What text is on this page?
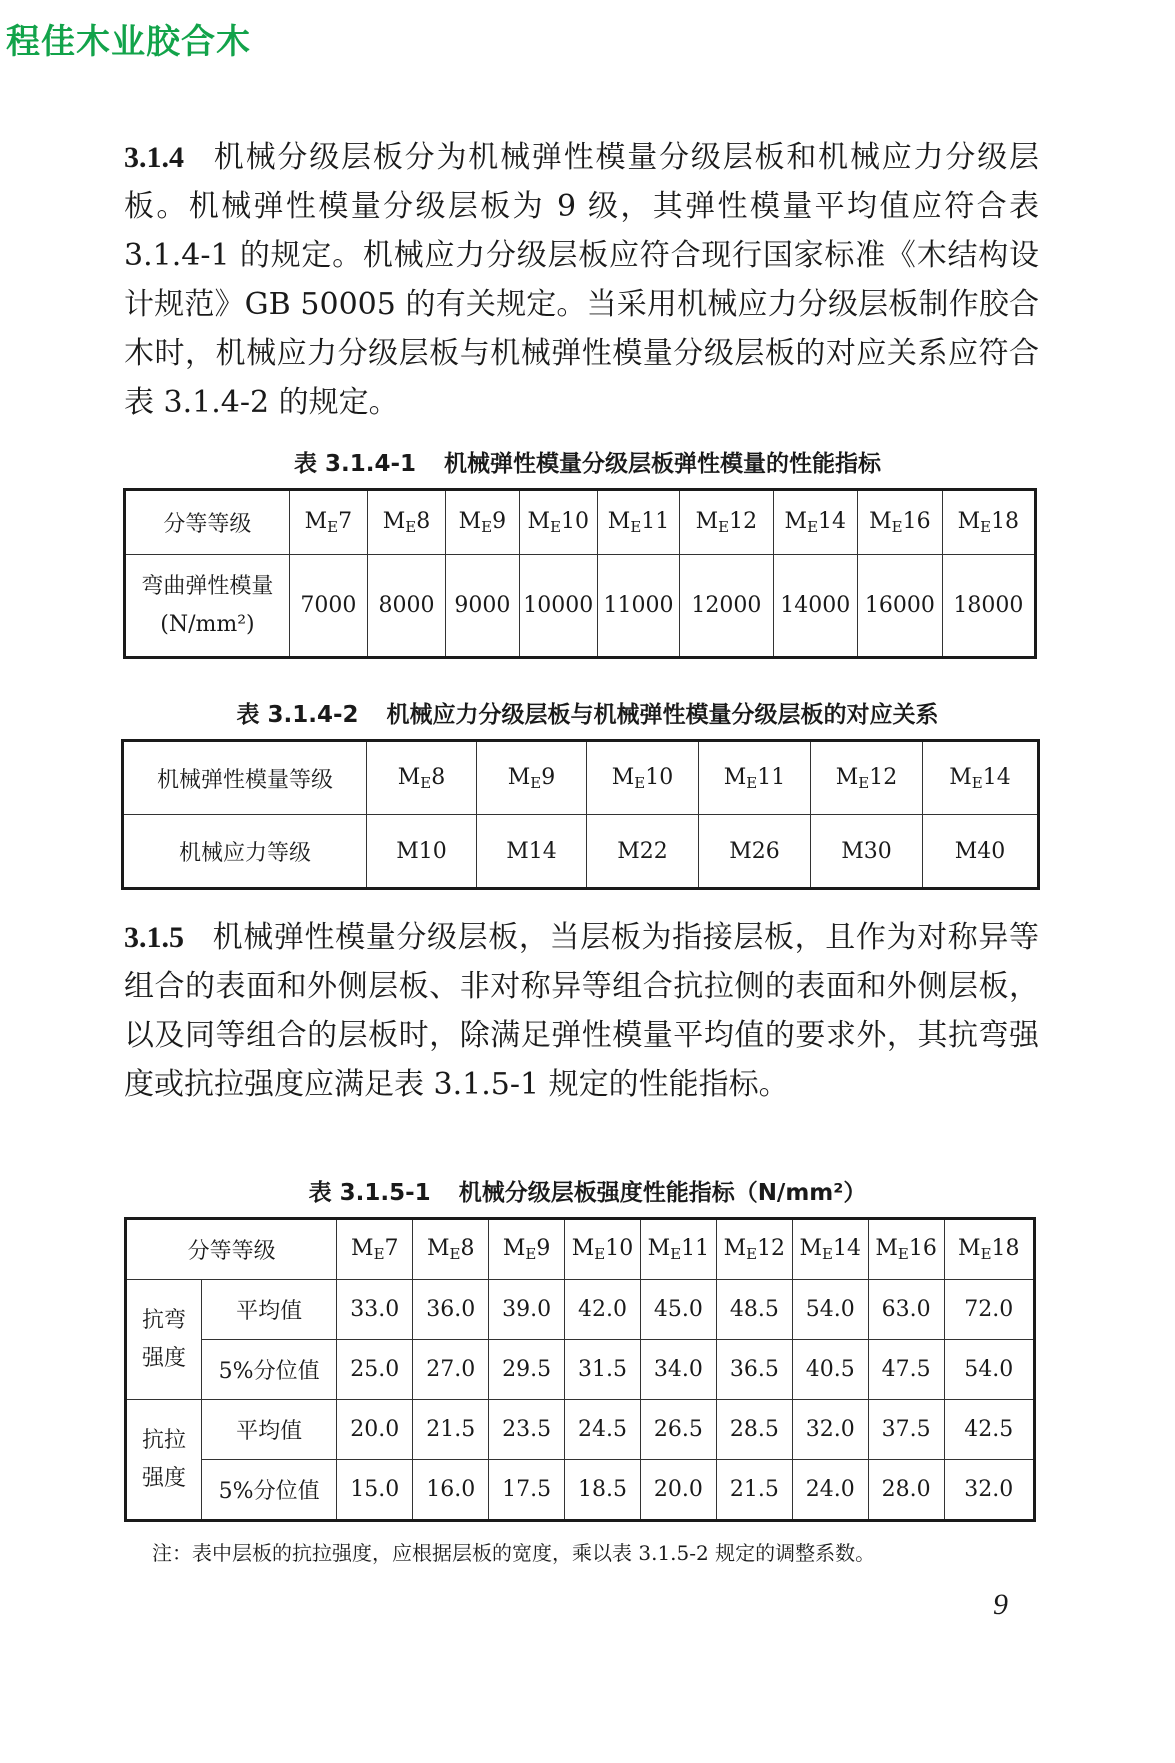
程佳木业胶合木

3.1.4 机械分级层板分为机械弹性模量分级层板和机械应力分级层板。机械弹性模量分级层板为 9 级，其弹性模量平均值应符合表 3.1.4-1 的规定。机械应力分级层板应符合现行国家标准《木结构设计规范》GB 50005 的有关规定。当采用机械应力分级层板制作胶合木时，机械应力分级层板与机械弹性模量分级层板的对应关系应符合表 3.1.4-2 的规定。

表 3.1.4-1 机械弹性模量分级层板弹性模量的性能指标
分等等级	$M_E7$	$M_E8$	$M_E9$	$M_E10$	$M_E11$	$M_E12$	$M_E14$	$M_E16$	$M_E18$
弯曲弹性模量
(N/mm²)	7000	8000	9000	10000	11000	12000	14000	16000	18000
表 3.1.4-2 机械应力分级层板与机械弹性模量分级层板的对应关系
机械弹性模量等级	$M_E8$	$M_E9$	$M_E10$	$M_E11$	$M_E12$	$M_E14$
机械应力等级	M10	M14	M22	M26	M30	M40

3.1.5 机械弹性模量分级层板，当层板为指接层板，且作为对称异等组合的表面和外侧层板、非对称异等组合抗拉侧的表面和外侧层板，以及同等组合的层板时，除满足弹性模量平均值的要求外，其抗弯强度或抗拉强度应满足表 3.1.5-1 规定的性能指标。

表 3.1.5-1 机械分级层板强度性能指标（N/mm²）
分等等级		$M_E7$	$M_E8$	$M_E9$	$M_E10$	$M_E11$	$M_E12$	$M_E14$	$M_E16$	$M_E18$
抗弯
强度	平均值	33.0	36.0	39.0	42.0	45.0	48.5	54.0	63.0	72.0
	5%分位值	25.0	27.0	29.5	31.5	34.0	36.5	40.5	47.5	54.0
抗拉
强度	平均值	20.0	21.5	23.5	24.5	26.5	28.5	32.0	37.5	42.5
	5%分位值	15.0	16.0	17.5	18.5	20.0	21.5	24.0	28.0	32.0
注：表中层板的抗拉强度，应根据层板的宽度，乘以表 3.1.5-2 规定的调整系数。
9
